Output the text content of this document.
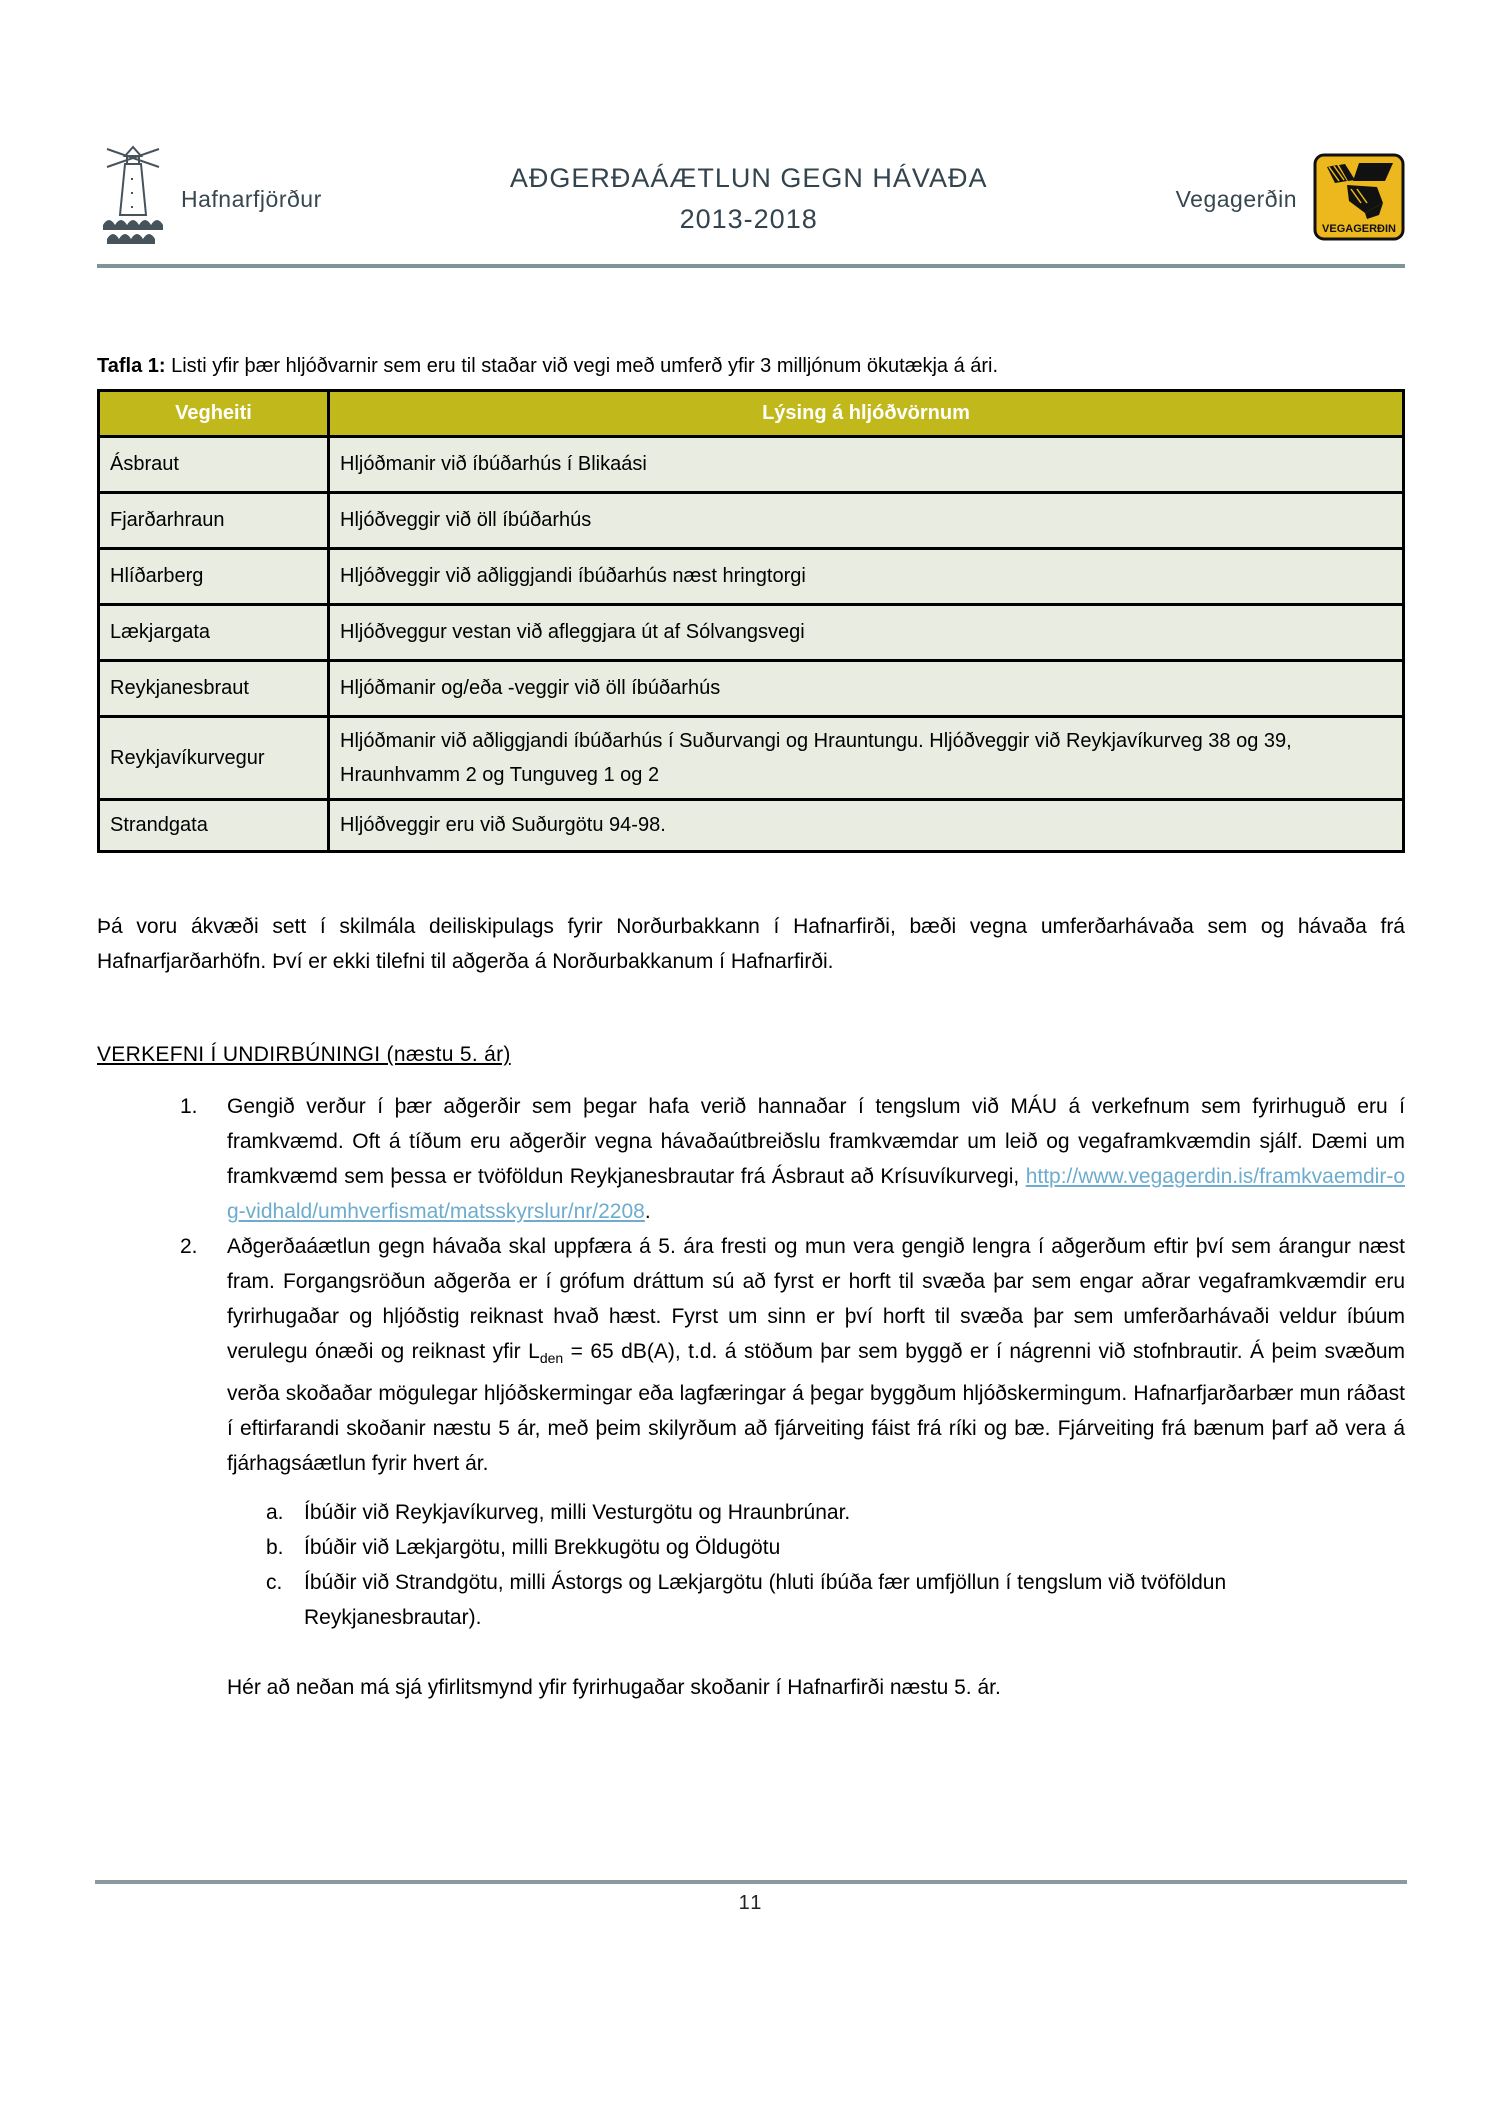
Hafnarfjörður
AÐGERÐAÁÆTLUN GEGN HÁVAÐA
2013-2018
Vegagerðin
VEGAGERÐIN

Tafla 1: Listi yfir þær hljóðvarnir sem eru til staðar við vegi með umferð yfir 3 milljónum ökutækja á ári.

Vegheiti	Lýsing á hljóðvörnum
Ásbraut	Hljóðmanir við íbúðarhús í Blikaási
Fjarðarhraun	Hljóðveggir við öll íbúðarhús
Hlíðarberg	Hljóðveggir við aðliggjandi íbúðarhús næst hringtorgi
Lækjargata	Hljóðveggur vestan við afleggjara út af Sólvangsvegi
Reykjanesbraut	Hljóðmanir og/eða -veggir við öll íbúðarhús
Reykjavíkurvegur	Hljóðmanir við aðliggjandi íbúðarhús í Suðurvangi og Hrauntungu. Hljóðveggir við Reykjavíkurveg 38 og 39, Hraunhvamm 2 og Tunguveg 1 og 2
Strandgata	Hljóðveggir eru við Suðurgötu 94-98.

Þá voru ákvæði sett í skilmála deiliskipulags fyrir Norðurbakkann í Hafnarfirði, bæði vegna umferðarhávaða sem og hávaða frá Hafnarfjarðarhöfn. Því er ekki tilefni til aðgerða á Norðurbakkanum í Hafnarfirði.

VERKEFNI Í UNDIRBÚNINGI (næstu 5. ár)

1.	Gengið verður í þær aðgerðir sem þegar hafa verið hannaðar í tengslum við MÁU á verkefnum sem fyrirhuguð eru í framkvæmd. Oft á tíðum eru aðgerðir vegna hávaðaútbreiðslu framkvæmdar um leið og vegaframkvæmdin sjálf. Dæmi um framkvæmd sem þessa er tvöföldun Reykjanesbrautar frá Ásbraut að Krísuvíkurvegi, http://www.vegagerdin.is/framkvaemdir-og-vidhald/umhverfismat/matsskyrslur/nr/2208.
2.	Aðgerðaáætlun gegn hávaða skal uppfæra á 5. ára fresti og mun vera gengið lengra í aðgerðum eftir því sem árangur næst fram. Forgangsröðun aðgerða er í grófum dráttum sú að fyrst er horft til svæða þar sem engar aðrar vegaframkvæmdir eru fyrirhugaðar og hljóðstig reiknast hvað hæst. Fyrst um sinn er því horft til svæða þar sem umferðarhávaði veldur íbúum verulegu ónæði og reiknast yfir $L_{den} = 65$ dB(A), t.d. á stöðum þar sem byggð er í nágrenni við stofnbrautir. Á þeim svæðum verða skoðaðar mögulegar hljóðskermingar eða lagfæringar á þegar byggðum hljóðskermingum. Hafnarfjarðarbær mun ráðast í eftirfarandi skoðanir næstu 5 ár, með þeim skilyrðum að fjárveiting fáist frá ríki og bæ. Fjárveiting frá bænum þarf að vera á fjárhagsáætlun fyrir hvert ár.
a. Íbúðir við Reykjavíkurveg, milli Vesturgötu og Hraunbrúnar.
b. Íbúðir við Lækjargötu, milli Brekkugötu og Öldugötu
c.	Íbúðir við Strandgötu, milli Ástorgs og Lækjargötu (hluti íbúða fær umfjöllun í tengslum við tvöföldun Reykjanesbrautar).

Hér að neðan má sjá yfirlitsmynd yfir fyrirhugaðar skoðanir í Hafnarfirði næstu 5. ár.

11
